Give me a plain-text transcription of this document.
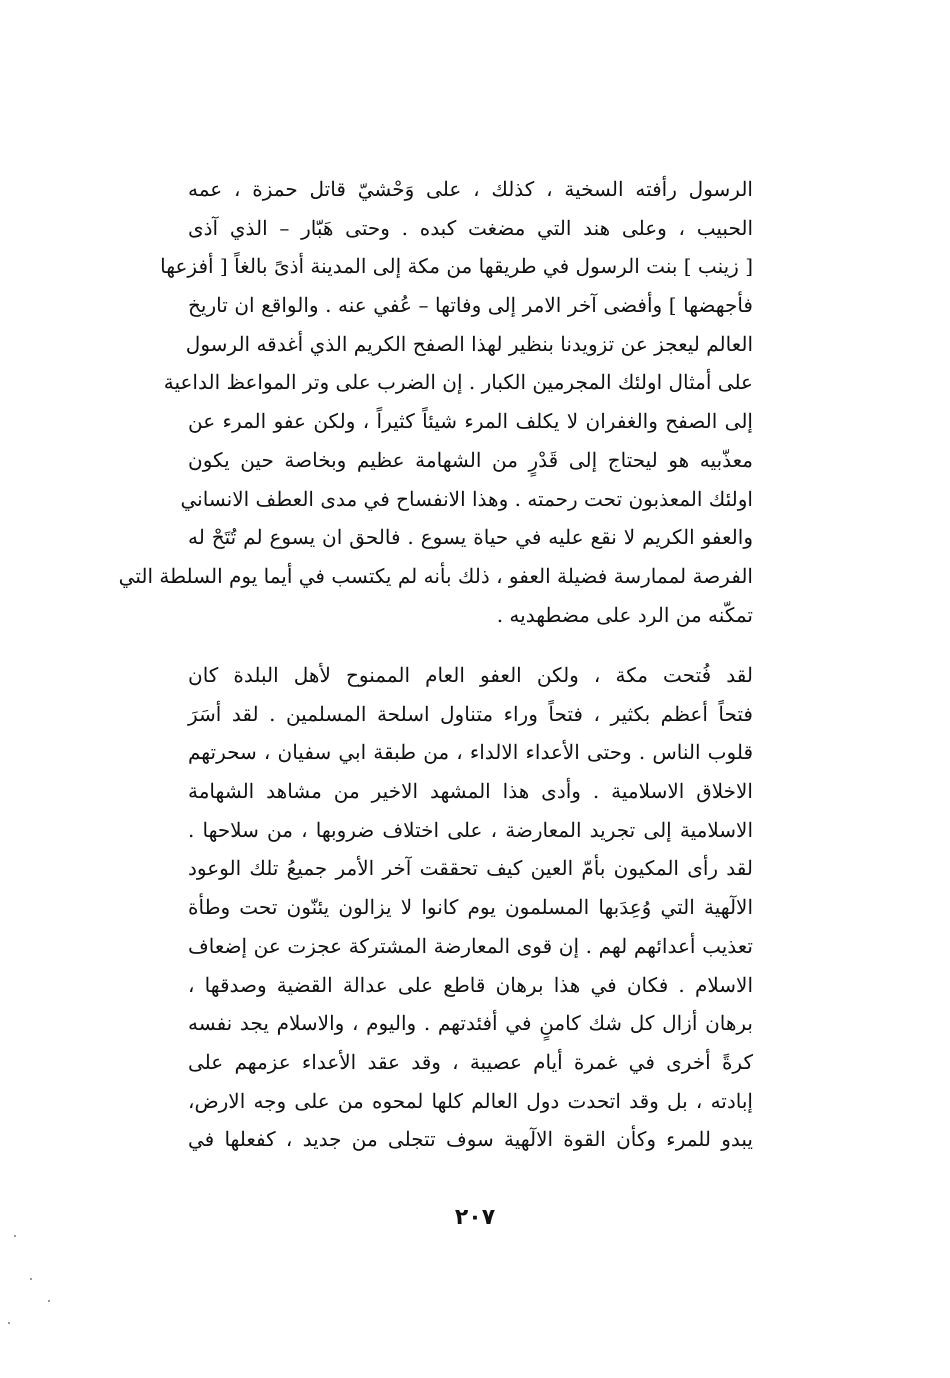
الرسول رأفته السخية ، كذلك ، على وَحْشيّ قاتل حمزة ، عمه
الحبيب ، وعلى هند التي مضغت كبده . وحتى هَبّار – الذي آذى
[ زينب ] بنت الرسول في طريقها من مكة إلى المدينة أذىً بالغاً [ أفزعها
فأجهضها ] وأفضى آخر الامر إلى وفاتها – عُفي عنه . والواقع ان تاريخ
العالم ليعجز عن تزويدنا بنظير لهذا الصفح الكريم الذي أغدقه الرسول
على أمثال اولئك المجرمين الكبار . إن الضرب على وتر المواعظ الداعية
إلى الصفح والغفران لا يكلف المرء شيئاً كثيراً ، ولكن عفو المرء عن
معذّبيه هو ليحتاج إلى قَدْرٍ من الشهامة عظيم وبخاصة حين يكون
اولئك المعذبون تحت رحمته . وهذا الانفساح في مدى العطف الانساني
والعفو الكريم لا نقع عليه في حياة يسوع . فالحق ان يسوع لم تُتَحْ له
الفرصة لممارسة فضيلة العفو ، ذلك بأنه لم يكتسب في أيما يوم السلطة التي
تمكّنه من الرد على مضطهديه .
لقد فُتحت مكة ، ولكن العفو العام الممنوح لأهل البلدة كان
فتحاً أعظم بكثير ، فتحاً وراء متناول اسلحة المسلمين . لقد أسَرَ
قلوب الناس . وحتى الأعداء الالداء ، من طبقة ابي سفيان ، سحرتهم
الاخلاق الاسلامية . وأدى هذا المشهد الاخير من مشاهد الشهامة
الاسلامية إلى تجريد المعارضة ، على اختلاف ضروبها ، من سلاحها .
لقد رأى المكيون بأمّ العين كيف تحققت آخر الأمر جميعُ تلك الوعود
الالٓهية التي وُعِدَبها المسلمون يوم كانوا لا يزالون يئنّون تحت وطأة
تعذيب أعدائهم لهم . إن قوى المعارضة المشتركة عجزت عن إضعاف
الاسلام . فكان في هذا برهان قاطع على عدالة القضية وصدقها ،
برهان أزال كل شك كامنٍ في أفئدتهم . واليوم ، والاسلام يجد نفسه
كرةً أخرى في غمرة أيام عصيبة ، وقد عقد الأعداء عزمهم على
إبادته ، بل وقد اتحدت دول العالم كلها لمحوه من على وجه الارض،
يبدو للمرء وكأن القوة الالٓهية سوف تتجلى من جديد ، كفعلها في
٢٠٧
